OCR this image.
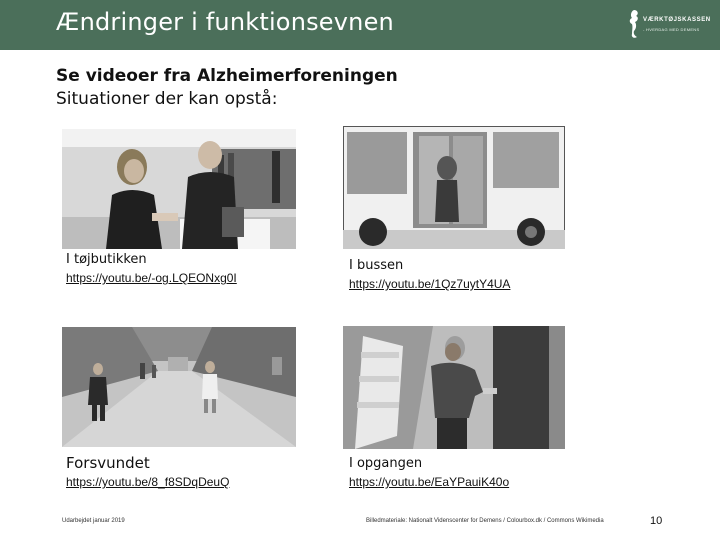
Ændringer i funktionsevnen	VÆRKTØJSKASSEN
- HVERDAG MED DEMENS
Se videoer fra Alzheimerforeningen
Situationer der kan opstå:
I tøjbutikken
https://youtu.be/-og.LQEONxg0I
I bussen
https://youtu.be/1Qz7uytY4UA
Forsvundet
https://youtu.be/8_f8SDqDeuQ
I opgangen
https://youtu.be/EaYPauiK40o
Udarbejdet januar 2019	Billedmateriale: Nationalt Videnscenter for Demens / Colourbox.dk / Commons Wikimedia	10
